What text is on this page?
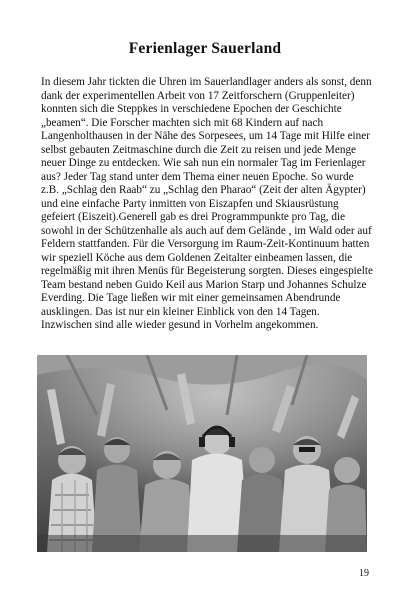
Ferienlager Sauerland

In diesem Jahr tickten die Uhren im Sauerlandlager anders als sonst, denn dank der experimentellen Arbeit von 17 Zeitforschern (Gruppenleiter) konnten sich die Steppkes in verschiedene Epochen der Geschichte „beamen“. Die Forscher machten sich mit 68 Kindern auf nach Langenholthausen in der Nähe des Sorpesees, um 14 Tage mit Hilfe einer selbst gebauten Zeitmaschine durch die Zeit zu reisen und jede Menge neuer Dinge zu entdecken. Wie sah nun ein normaler Tag im Ferienlager aus? Jeder Tag stand unter dem Thema einer neuen Epoche. So wurde z.B. „Schlag den Raab“ zu „Schlag den Pharao“ (Zeit der alten Ägypter) und eine einfache Party inmitten von Eiszapfen und Skiausrüstung gefeiert (Eiszeit).Generell gab es drei Programmpunkte pro Tag, die sowohl in der Schützenhalle als auch auf dem Gelände , im Wald oder auf Feldern stattfanden. Für die Versorgung im Raum-Zeit-Kontinuum hatten wir speziell Köche aus dem Goldenen Zeitalter einbeamen lassen, die regelmäßig mit ihren Menüs für Begeisterung sorgten. Dieses eingespielte Team bestand neben Guido Keil aus Marion Starp und Johannes Schulze Everding. Die Tage ließen wir mit einer gemeinsamen Abendrunde ausklingen. Das ist nur ein kleiner Einblick von den 14 Tagen. Inzwischen sind alle wieder gesund in Vorhelm angekommen.

19
